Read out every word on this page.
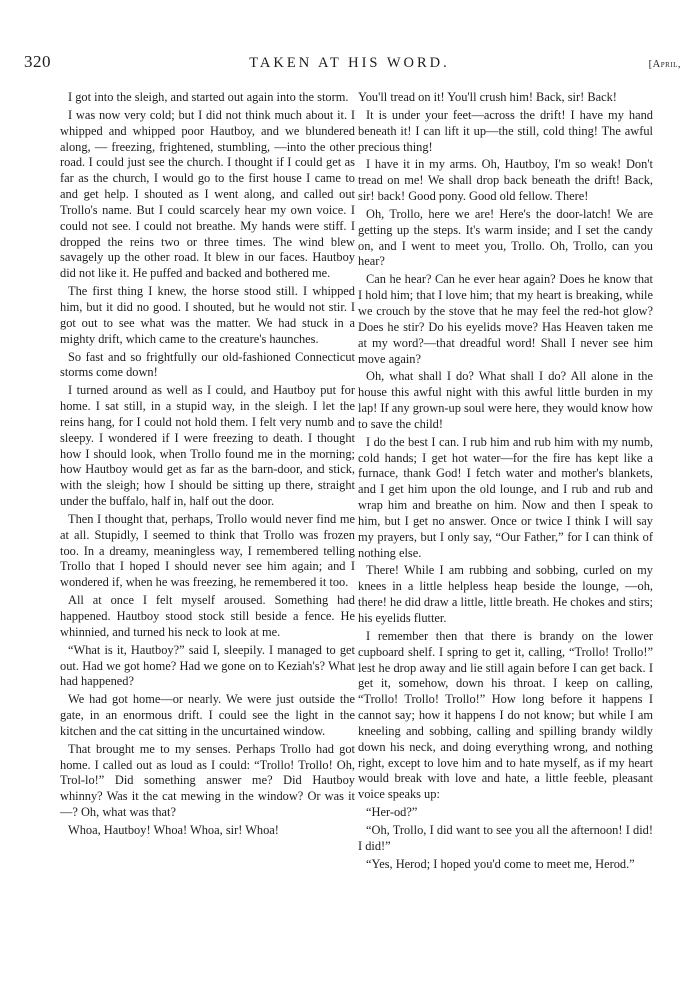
320	TAKEN AT HIS WORD.	[April,

I got into the sleigh, and started out again into the storm.

I was now very cold; but I did not think much about it. I whipped and whipped poor Hautboy, and we blundered along, — freezing, frightened, stumbling, —into the other road. I could just see the church. I thought if I could get as far as the church, I would go to the first house I came to and get help. I shouted as I went along, and called out Trollo's name. But I could scarcely hear my own voice. I could not see. I could not breathe. My hands were stiff. I dropped the reins two or three times. The wind blew savagely up the other road. It blew in our faces. Hautboy did not like it. He puffed and backed and bothered me.

The first thing I knew, the horse stood still. I whipped him, but it did no good. I shouted, but he would not stir. I got out to see what was the matter. We had stuck in a mighty drift, which came to the creature's haunches.

So fast and so frightfully our old-fashioned Connecticut storms come down!

I turned around as well as I could, and Hautboy put for home. I sat still, in a stupid way, in the sleigh. I let the reins hang, for I could not hold them. I felt very numb and sleepy. I wondered if I were freezing to death. I thought how I should look, when Trollo found me in the morning; how Hautboy would get as far as the barn-door, and stick, with the sleigh; how I should be sitting up there, straight under the buffalo, half in, half out the door.

Then I thought that, perhaps, Trollo would never find me at all. Stupidly, I seemed to think that Trollo was frozen too. In a dreamy, meaningless way, I remembered telling Trollo that I hoped I should never see him again; and I wondered if, when he was freezing, he remembered it too.

All at once I felt myself aroused. Something had happened. Hautboy stood stock still beside a fence. He whinnied, and turned his neck to look at me.

“What is it, Hautboy?” said I, sleepily. I managed to get out. Had we got home? Had we gone on to Keziah's? What had happened?

We had got home—or nearly. We were just outside the gate, in an enormous drift. I could see the light in the kitchen and the cat sitting in the uncurtained window.

That brought me to my senses. Perhaps Trollo had got home. I called out as loud as I could: “Trollo! Trollo! Oh, Trol-lo!” Did something answer me? Did Hautboy whinny? Was it the cat mewing in the window? Or was it—? Oh, what was that?

Whoa, Hautboy! Whoa! Whoa, sir! Whoa!

You'll tread on it! You'll crush him! Back, sir! Back!

It is under your feet—across the drift! I have my hand beneath it! I can lift it up—the still, cold thing! The awful precious thing!

I have it in my arms. Oh, Hautboy, I'm so weak! Don't tread on me! We shall drop back beneath the drift! Back, sir! back! Good pony. Good old fellow. There!

Oh, Trollo, here we are! Here's the door-latch! We are getting up the steps. It's warm inside; and I set the candy on, and I went to meet you, Trollo. Oh, Trollo, can you hear?

Can he hear? Can he ever hear again? Does he know that I hold him; that I love him; that my heart is breaking, while we crouch by the stove that he may feel the red-hot glow? Does he stir? Do his eyelids move? Has Heaven taken me at my word?—that dreadful word! Shall I never see him move again?

Oh, what shall I do? What shall I do? All alone in the house this awful night with this awful little burden in my lap! If any grown-up soul were here, they would know how to save the child!

I do the best I can. I rub him and rub him with my numb, cold hands; I get hot water—for the fire has kept like a furnace, thank God! I fetch water and mother's blankets, and I get him upon the old lounge, and I rub and rub and wrap him and breathe on him. Now and then I speak to him, but I get no answer. Once or twice I think I will say my prayers, but I only say, “Our Father,” for I can think of nothing else.

There! While I am rubbing and sobbing, curled on my knees in a little helpless heap beside the lounge, —oh, there! he did draw a little, little breath. He chokes and stirs; his eyelids flutter.

I remember then that there is brandy on the lower cupboard shelf. I spring to get it, calling, “Trollo! Trollo!” lest he drop away and lie still again before I can get back. I get it, somehow, down his throat. I keep on calling, “Trollo! Trollo! Trollo!” How long before it happens I cannot say; how it happens I do not know; but while I am kneeling and sobbing, calling and spilling brandy wildly down his neck, and doing everything wrong, and nothing right, except to love him and to hate myself, as if my heart would break with love and hate, a little feeble, pleasant voice speaks up:

“Her-od?”

“Oh, Trollo, I did want to see you all the afternoon! I did! I did!”

“Yes, Herod; I hoped you'd come to meet me, Herod.”
